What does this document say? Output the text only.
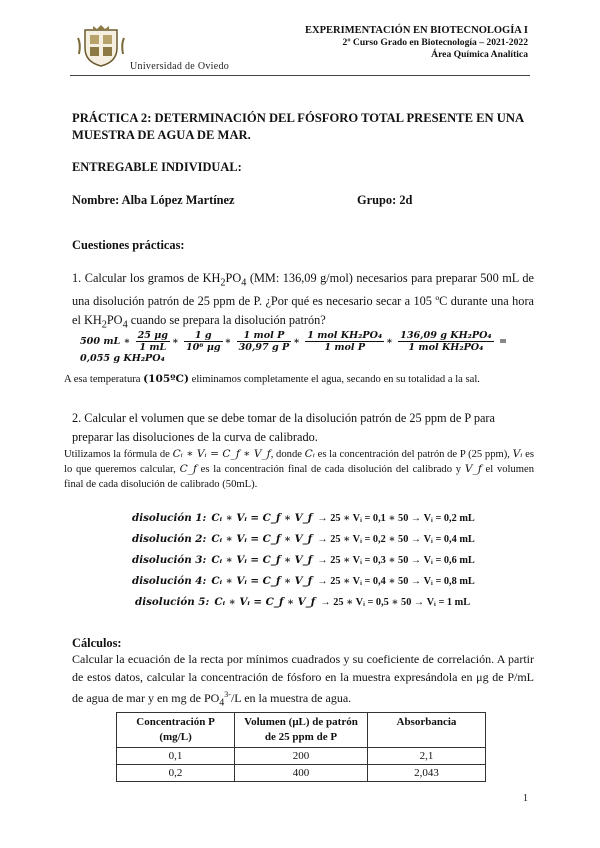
Universidad de Oviedo
EXPERIMENTACIÓN EN BIOTECNOLOGÍA I
2º Curso Grado en Biotecnología – 2021-2022
Área Química Analítica
PRÁCTICA 2: DETERMINACIÓN DEL FÓSFORO TOTAL PRESENTE EN UNA MUESTRA DE AGUA DE MAR.
ENTREGABLE INDIVIDUAL:
Nombre: Alba López Martínez	Grupo: 2d
Cuestiones prácticas:
1. Calcular los gramos de $KH_2PO_4$ (MM: 136,09 g/mol) necesarios para preparar 500 mL de una disolución patrón de 25 ppm de P. ¿Por qué es necesario secar a 105 ºC durante una hora el $KH_2PO_4$ cuando se prepara la disolución patrón?
500 mL ∗ $\frac{25 \mu g}{1 mL}$ ∗ $\frac{1 g}{\text{10⁶ μg}}$ ∗ $\frac{\text{1 mol P}}{\text{30,97 g P}}$ ∗ $\frac{\text{1 mol KH₂PO₄}}{\text{1 mol P}}$ ∗ $\frac{\text{136,09 g KH₂PO₄}}{\text{1 mol KH₂PO₄}} = 0,055$ g KH₂PO₄
A esa temperatura (105ºC) eliminamos completamente el agua, secando en su totalidad a la sal.
2. Calcular el volumen que se debe tomar de la disolución patrón de 25 ppm de P para preparar las disoluciones de la curva de calibrado.
Utilizamos la fórmula de Cᵢ ∗ Vᵢ = C_f ∗ V_f, donde Cᵢ es la concentración del patrón de P (25 ppm), Vᵢ es lo que queremos calcular, C_f es la concentración final de cada disolución del calibrado y V_f el volumen final de cada disolución de calibrado (50mL).
disolución 1: Cᵢ ∗ Vᵢ = C_f ∗ V_f → 25 ∗ Vᵢ = 0,1 ∗ 50 → Vᵢ = 0,2 mL
disolución 2: Cᵢ ∗ Vᵢ = C_f ∗ V_f → 25 ∗ Vᵢ = 0,2 ∗ 50 → Vᵢ = 0,4 mL
disolución 3: Cᵢ ∗ Vᵢ = C_f ∗ V_f → 25 ∗ Vᵢ = 0,3 ∗ 50 → Vᵢ = 0,6 mL
disolución 4: Cᵢ ∗ Vᵢ = C_f ∗ V_f → 25 ∗ Vᵢ = 0,4 ∗ 50 → Vᵢ = 0,8 mL
disolución 5: Cᵢ ∗ Vᵢ = C_f ∗ V_f → 25 ∗ Vᵢ = 0,5 ∗ 50 → Vᵢ = 1 mL
Cálculos:
Calcular la ecuación de la recta por mínimos cuadrados y su coeficiente de correlación. A partir de estos datos, calcular la concentración de fósforo en la muestra expresándola en μg de P/mL de agua de mar y en mg de $PO_4^{3-}/L$ en la muestra de agua.
Concentración P (mg/L)	Volumen (μL) de patrón de 25 ppm de P	Absorbancia
0,1	200	2,1
0,2	400	2,043
1
